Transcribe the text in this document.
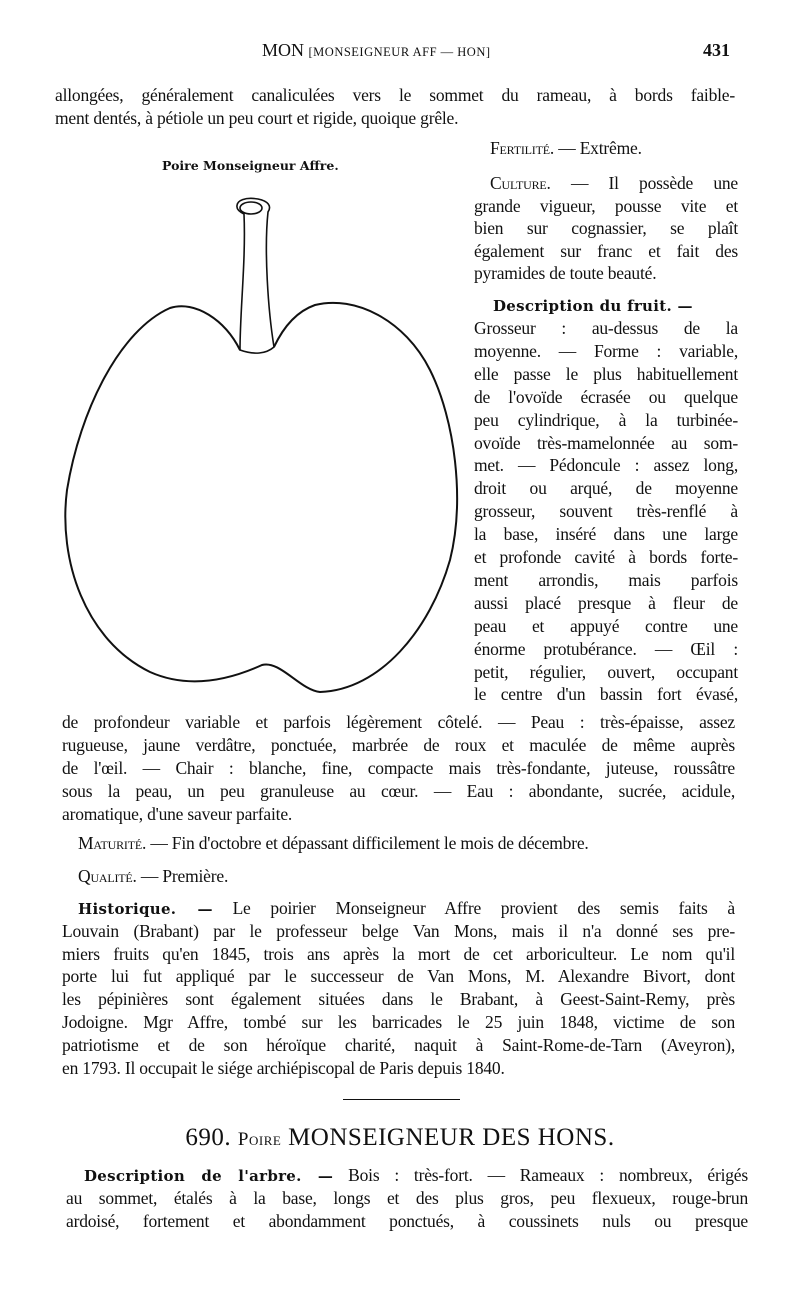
MON [MONSEIGNEUR AFF — HON]	431
Poire Monseigneur Affre.
allongées, généralement canaliculées vers le sommet du rameau, à bords faible-
ment dentés, à pétiole un peu court et rigide, quoique grêle.
Fertilité. — Extrême.
Culture. — Il possède une
grande vigueur, pousse vite et
bien sur cognassier, se plaît
également sur franc et fait des
pyramides de toute beauté.
Description du fruit. —
Grosseur : au-dessus de la
moyenne. — Forme : variable,
elle passe le plus habituellement
de l'ovoïde écrasée ou quelque
peu cylindrique, à la turbinée-
ovoïde très-mamelonnée au som-
met. — Pédoncule : assez long,
droit ou arqué, de moyenne
grosseur, souvent très-renflé à
la base, inséré dans une large
et profonde cavité à bords forte-
ment arrondis, mais parfois
aussi placé presque à fleur de
peau et appuyé contre une
énorme protubérance. — Œil :
petit, régulier, ouvert, occupant
le centre d'un bassin fort évasé,
de profondeur variable et parfois légèrement côtelé. — Peau : très-épaisse, assez
rugueuse, jaune verdâtre, ponctuée, marbrée de roux et maculée de même auprès
de l'œil. — Chair : blanche, fine, compacte mais très-fondante, juteuse, roussâtre
sous la peau, un peu granuleuse au cœur. — Eau : abondante, sucrée, acidule,
aromatique, d'une saveur parfaite.
Maturité. — Fin d'octobre et dépassant difficilement le mois de décembre.
Qualité. — Première.
Historique. — Le poirier Monseigneur Affre provient des semis faits à
Louvain (Brabant) par le professeur belge Van Mons, mais il n'a donné ses pre-
miers fruits qu'en 1845, trois ans après la mort de cet arboriculteur. Le nom qu'il
porte lui fut appliqué par le successeur de Van Mons, M. Alexandre Bivort, dont
les pépinières sont également situées dans le Brabant, à Geest-Saint-Remy, près
Jodoigne. Mgr Affre, tombé sur les barricades le 25 juin 1848, victime de son
patriotisme et de son héroïque charité, naquit à Saint-Rome-de-Tarn (Aveyron),
en 1793. Il occupait le siége archiépiscopal de Paris depuis 1840.
Description de l'arbre. — Bois : très-fort. — Rameaux : nombreux, érigés
au sommet, étalés à la base, longs et des plus gros, peu flexueux, rouge-brun
ardoisé, fortement et abondamment ponctués, à coussinets nuls ou presque
690. Poire MONSEIGNEUR DES HONS.
